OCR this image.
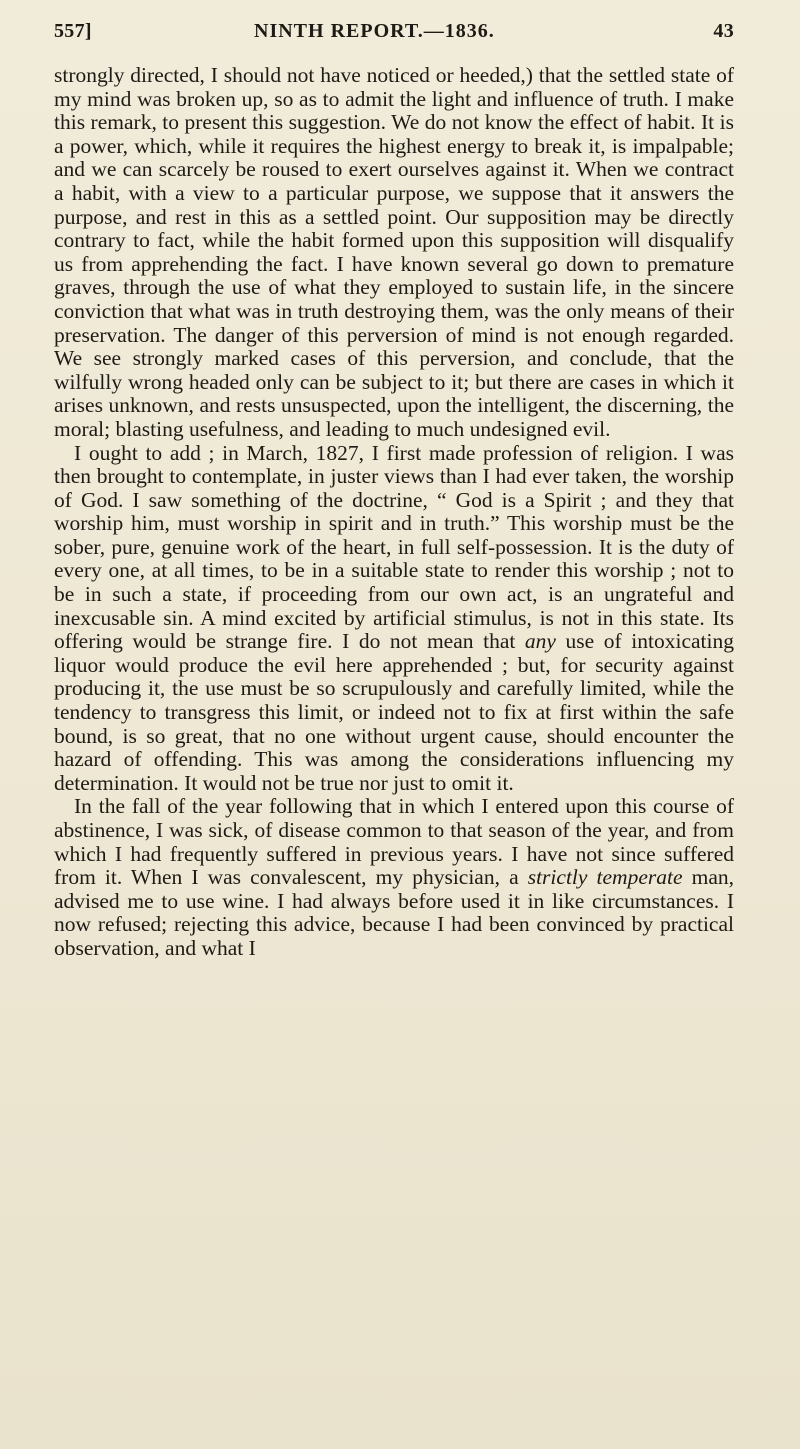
557]	NINTH REPORT.—1836.	43

strongly directed, I should not have noticed or heeded,) that the settled state of my mind was broken up, so as to admit the light and influence of truth. I make this remark, to present this suggestion. We do not know the effect of habit. It is a power, which, while it requires the highest energy to break it, is impalpable; and we can scarcely be roused to exert ourselves against it. When we contract a habit, with a view to a particular purpose, we suppose that it answers the purpose, and rest in this as a settled point. Our supposition may be directly contrary to fact, while the habit formed upon this supposition will disqualify us from apprehending the fact. I have known several go down to premature graves, through the use of what they employed to sustain life, in the sincere conviction that what was in truth destroying them, was the only means of their preservation. The danger of this perversion of mind is not enough regarded. We see strongly marked cases of this perversion, and conclude, that the wilfully wrong headed only can be subject to it; but there are cases in which it arises unknown, and rests unsuspected, upon the intelligent, the discerning, the moral; blasting usefulness, and leading to much undesigned evil.

I ought to add ; in March, 1827, I first made profession of religion. I was then brought to contemplate, in juster views than I had ever taken, the worship of God. I saw something of the doctrine, “ God is a Spirit ; and they that worship him, must worship in spirit and in truth.” This worship must be the sober, pure, genuine work of the heart, in full self-possession. It is the duty of every one, at all times, to be in a suitable state to render this worship ; not to be in such a state, if proceeding from our own act, is an ungrateful and inexcusable sin. A mind excited by artificial stimulus, is not in this state. Its offering would be strange fire. I do not mean that any use of intoxicating liquor would produce the evil here apprehended ; but, for security against producing it, the use must be so scrupulously and carefully limited, while the tendency to transgress this limit, or indeed not to fix at first within the safe bound, is so great, that no one without urgent cause, should encounter the hazard of offending. This was among the considerations influencing my determination. It would not be true nor just to omit it.

In the fall of the year following that in which I entered upon this course of abstinence, I was sick, of disease common to that season of the year, and from which I had frequently suffered in previous years. I have not since suffered from it. When I was convalescent, my physician, a strictly temperate man, advised me to use wine. I had always before used it in like circumstances. I now refused; rejecting this advice, because I had been convinced by practical observation, and what I
